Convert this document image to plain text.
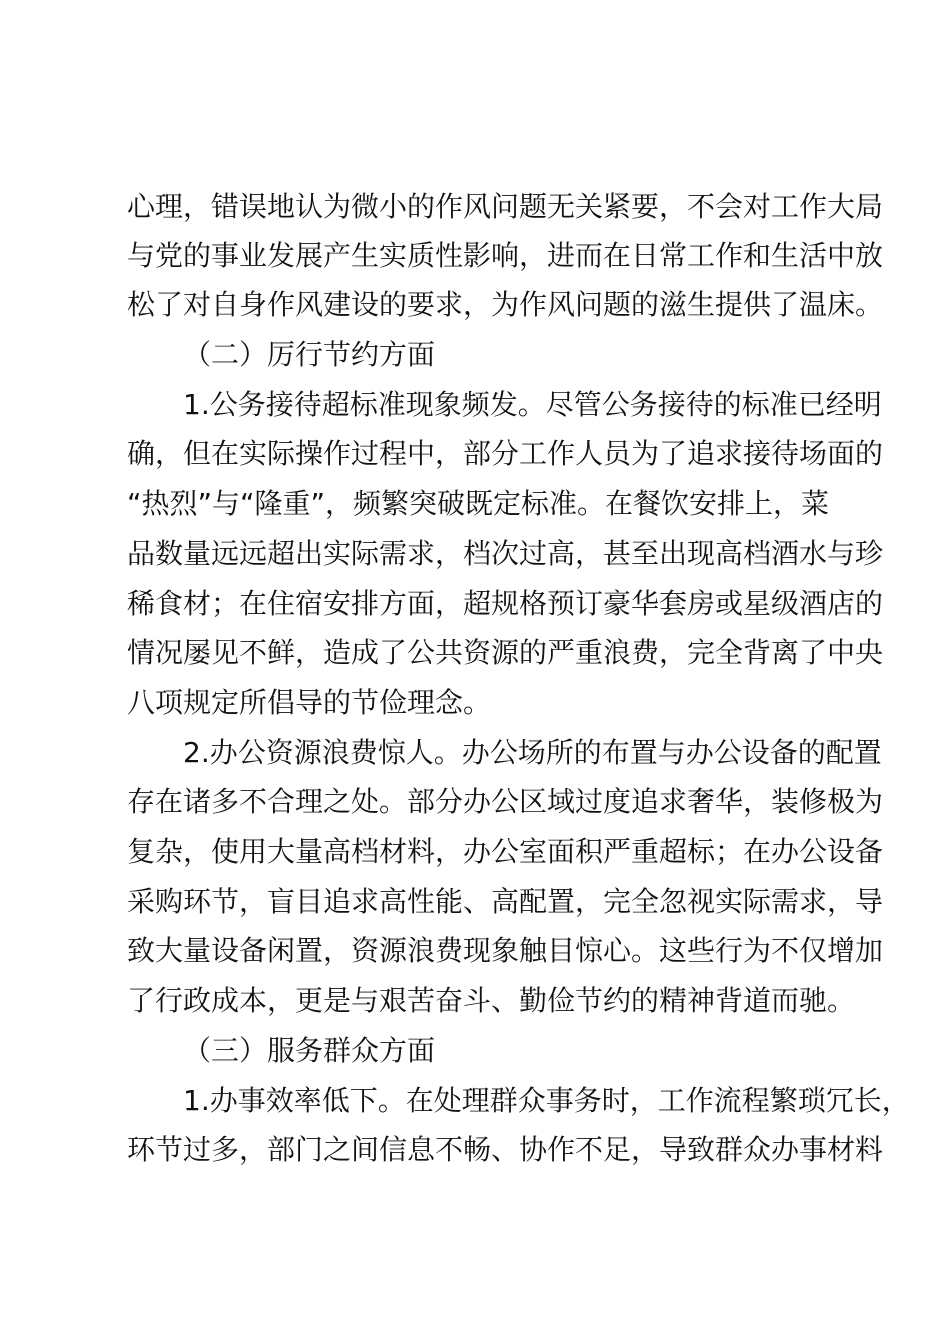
心理，错误地认为微小的作风问题无关紧要，不会对工作大局
与党的事业发展产生实质性影响，进而在日常工作和生活中放
松了对自身作风建设的要求，为作风问题的滋生提供了温床。
（二）厉行节约方面
1.公务接待超标准现象频发。尽管公务接待的标准已经明
确，但在实际操作过程中，部分工作人员为了追求接待场面的
“热烈”与“隆重”，频繁突破既定标准。在餐饮安排上，菜
品数量远远超出实际需求，档次过高，甚至出现高档酒水与珍
稀食材；在住宿安排方面，超规格预订豪华套房或星级酒店的
情况屡见不鲜，造成了公共资源的严重浪费，完全背离了中央
八项规定所倡导的节俭理念。
2.办公资源浪费惊人。办公场所的布置与办公设备的配置
存在诸多不合理之处。部分办公区域过度追求奢华，装修极为
复杂，使用大量高档材料，办公室面积严重超标；在办公设备
采购环节，盲目追求高性能、高配置，完全忽视实际需求，导
致大量设备闲置，资源浪费现象触目惊心。这些行为不仅增加
了行政成本，更是与艰苦奋斗、勤俭节约的精神背道而驰。
（三）服务群众方面
1.办事效率低下。在处理群众事务时，工作流程繁琐冗长，
环节过多，部门之间信息不畅、协作不足，导致群众办事材料
